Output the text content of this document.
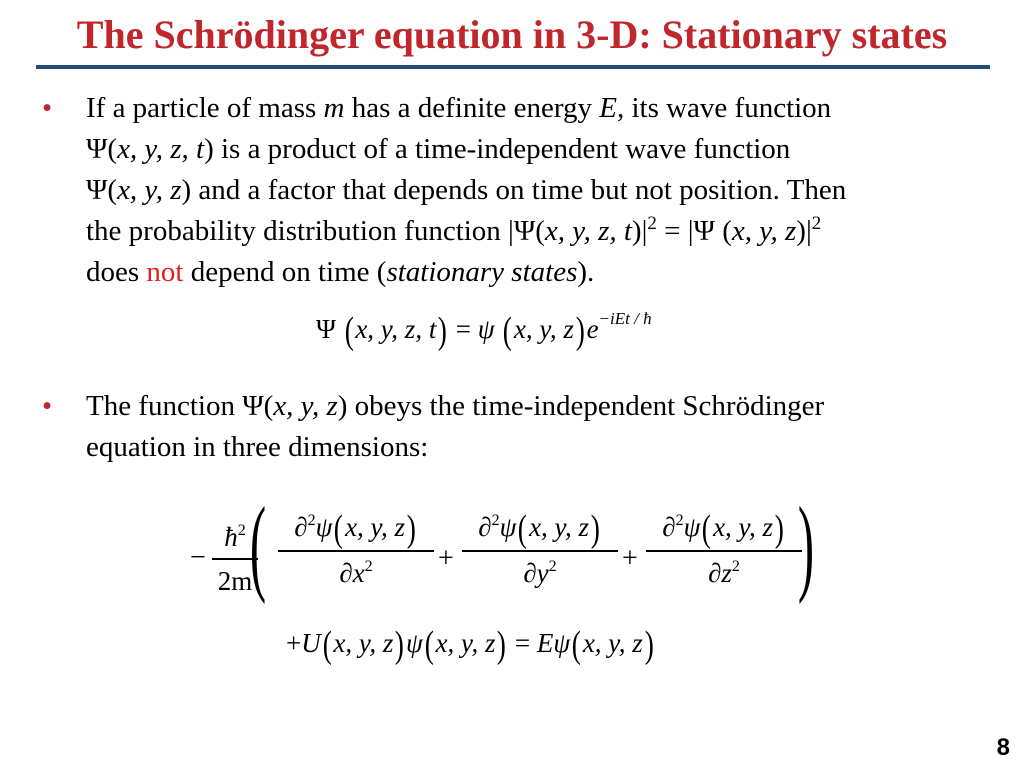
The Schrödinger equation in 3-D: Stationary states
• If a particle of mass m has a definite energy E, its wave function
Ψ(x, y, z, t) is a product of a time-independent wave function
Ψ(x, y, z) and a factor that depends on time but not position. Then
the probability distribution function |Ψ(x, y, z, $t)|^2 = |\Psi$ (x, y, $z)|^2$
does not depend on time (stationary states).
Ψ (x, y, z, t) = ψ (x, y, $z)e^{-iEt / ħ}$
• The function Ψ(x, y, z) obeys the time-independent Schrödinger
equation in three dimensions:
−
$ħ^2$
2m
(	∂$^2$ψ(x, y, z)
$\partial x^2$	+
∂$^2$ψ(x, y, z)
$\partial y^2$	+
∂$^2$ψ(x, y, z)
$\partial z^2$ )
+U(x, y, z)ψ(x, y, z) = Eψ(x, y, z)
8
